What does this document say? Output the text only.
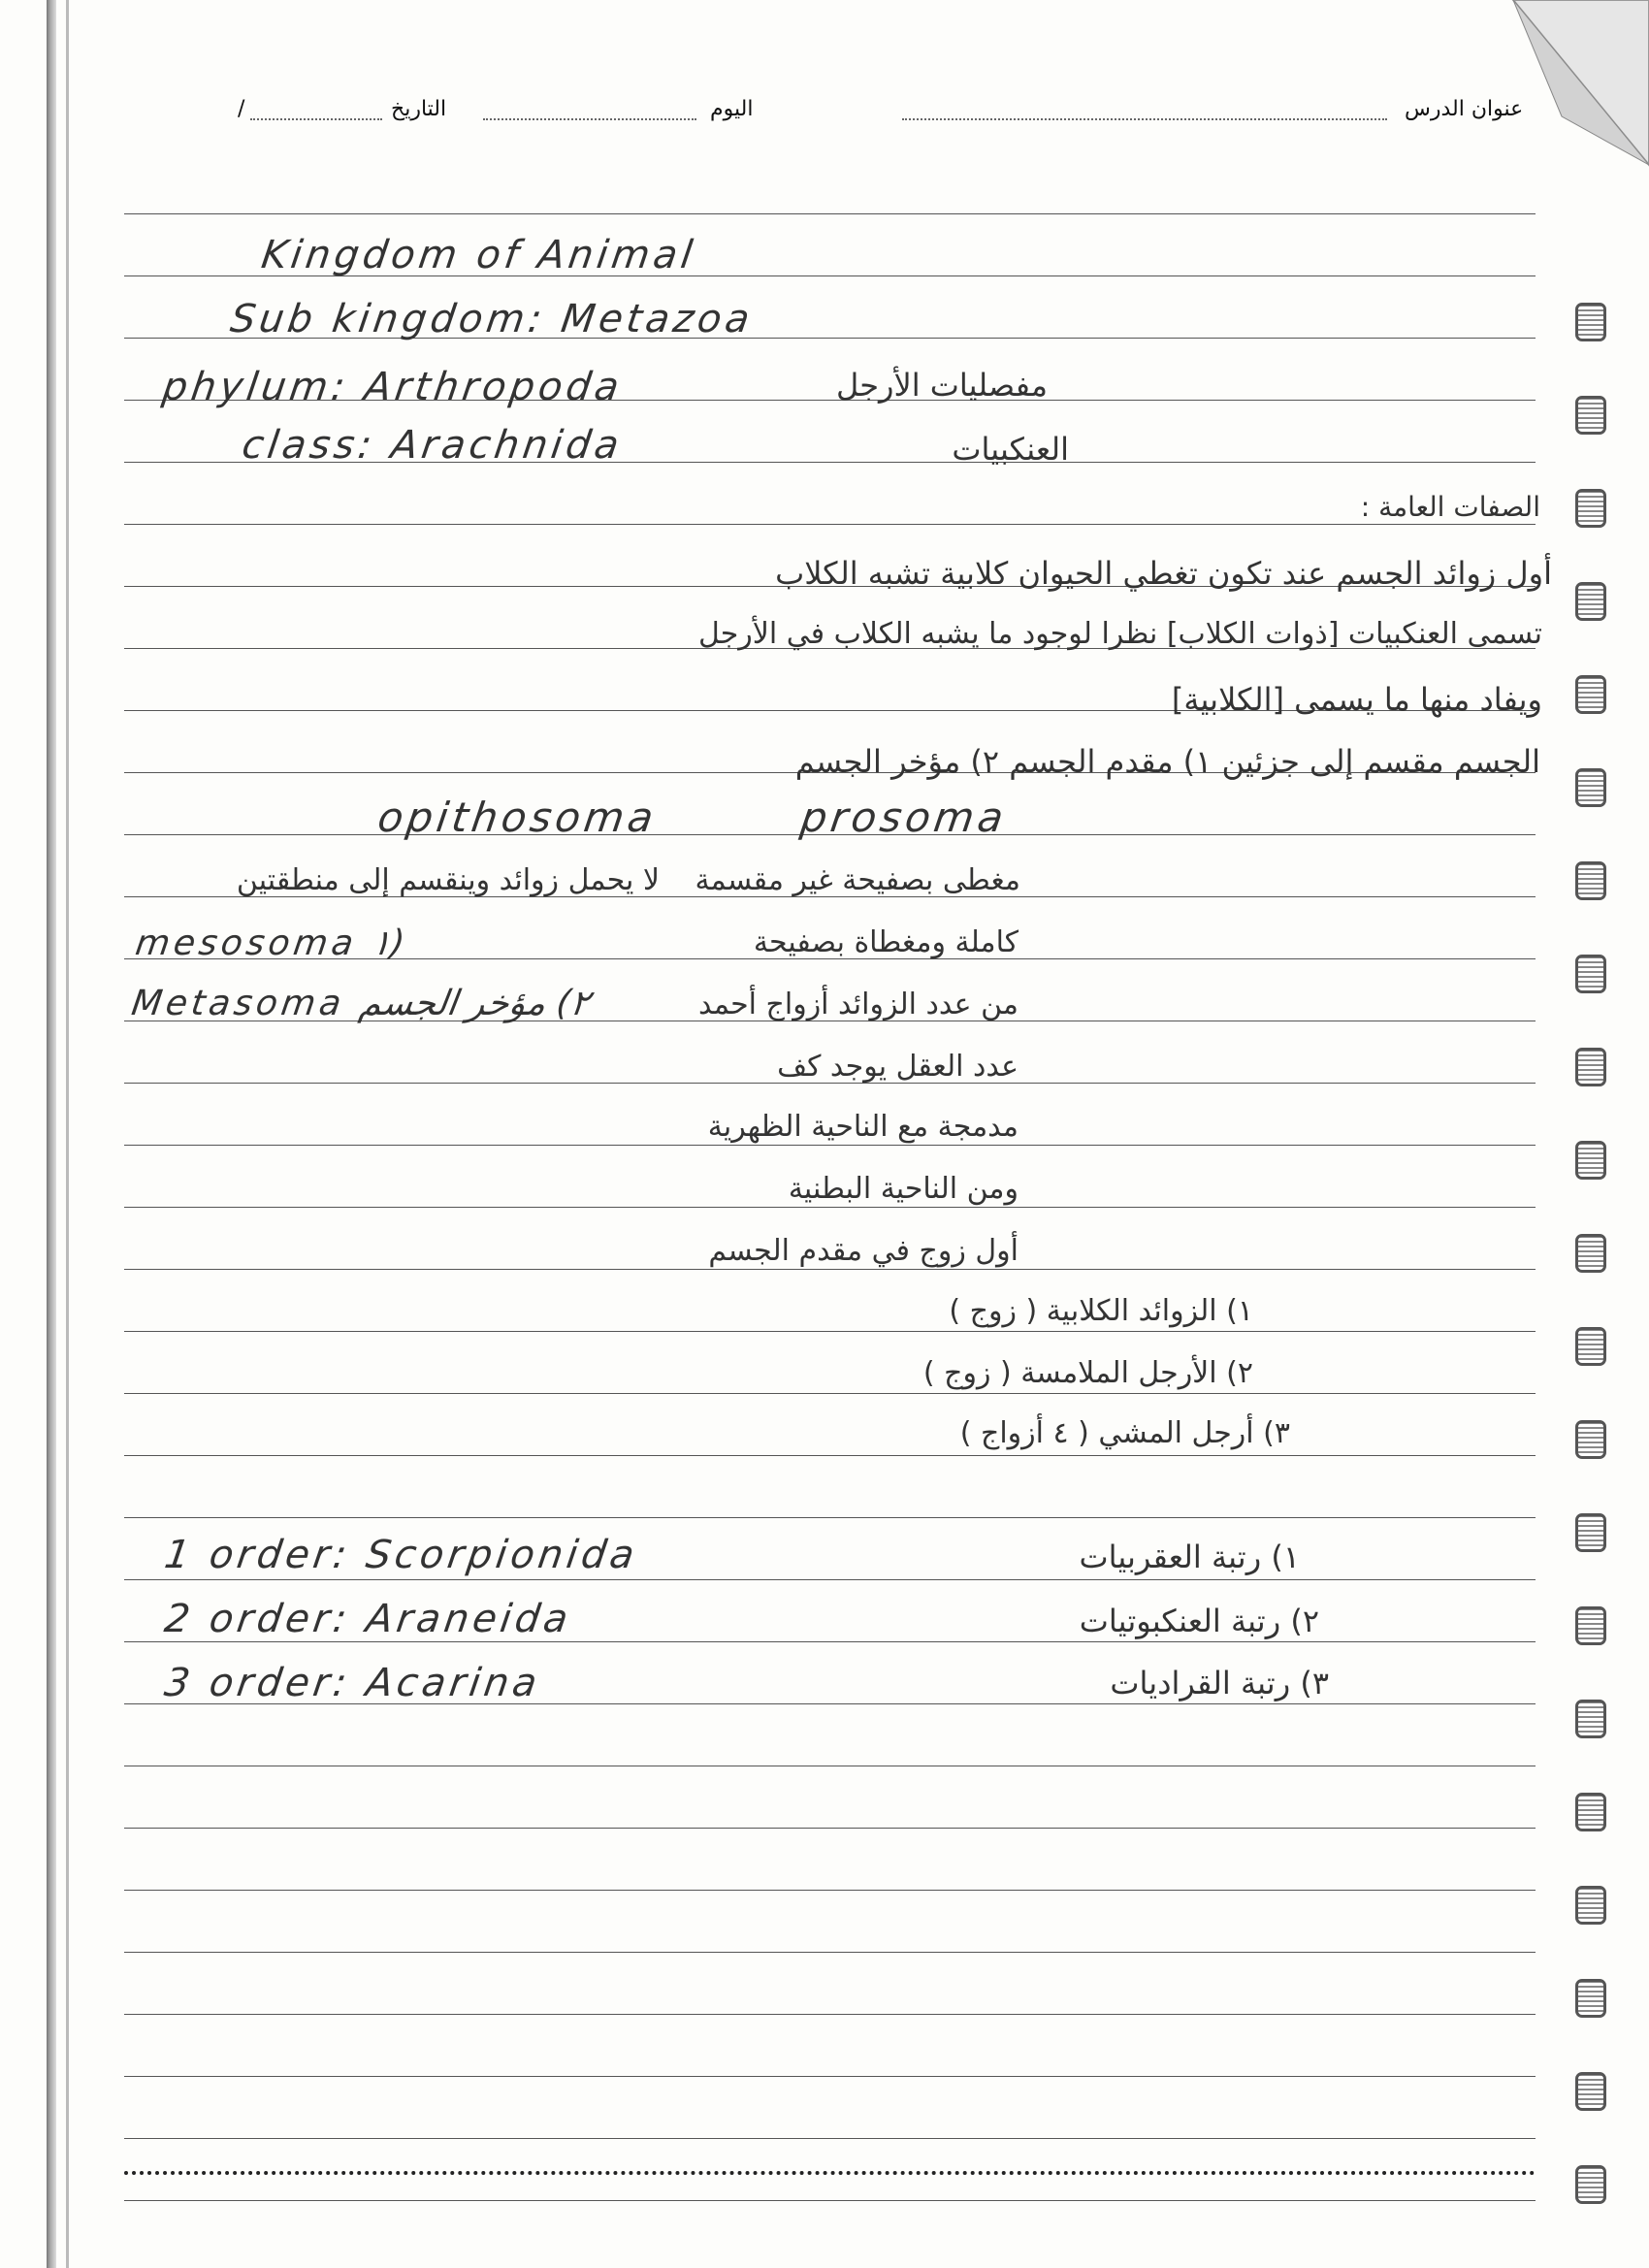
عنوان الدرس
اليوم
التاريخ
/
Kingdom of Animal
Sub kingdom: Metazoa
phylum: Arthropoda
class: Arachnida
مفصليات الأرجل
العنكبيات
الصفات العامة :
أول زوائد الجسم عند تكون تغطي الحيوان كلابية تشبه الكلاب
تسمى العنكبيات [ذوات الكلاب] نظرا لوجود ما يشبه الكلاب في الأرجل
ويفاد منها ما يسمى [الكلابية]
الجسم مقسم إلى جزئين ١) مقدم الجسم ٢) مؤخر الجسم
opithosoma	prosoma
لا يحمل زوائد وينقسم إلى منطقتين
mesosoma ١)
Metasoma ٢) مؤخر الجسم
مغطى بصفيحة غير مقسمة
كاملة ومغطاة بصفيحة
من عدد الزوائد أزواج أحمد
عدد العقل يوجد كف
مدمجة مع الناحية الظهرية
ومن الناحية البطنية
أول زوج في مقدم الجسم
١) الزوائد الكلابية ( زوج )
٢) الأرجل الملامسة ( زوج )
٣) أرجل المشي ( ٤ أزواج )
1 order: Scorpionida
2 order: Araneida
3 order: Acarina
١) رتبة العقربيات
٢) رتبة العنكبوتيات
٣) رتبة القراديات
